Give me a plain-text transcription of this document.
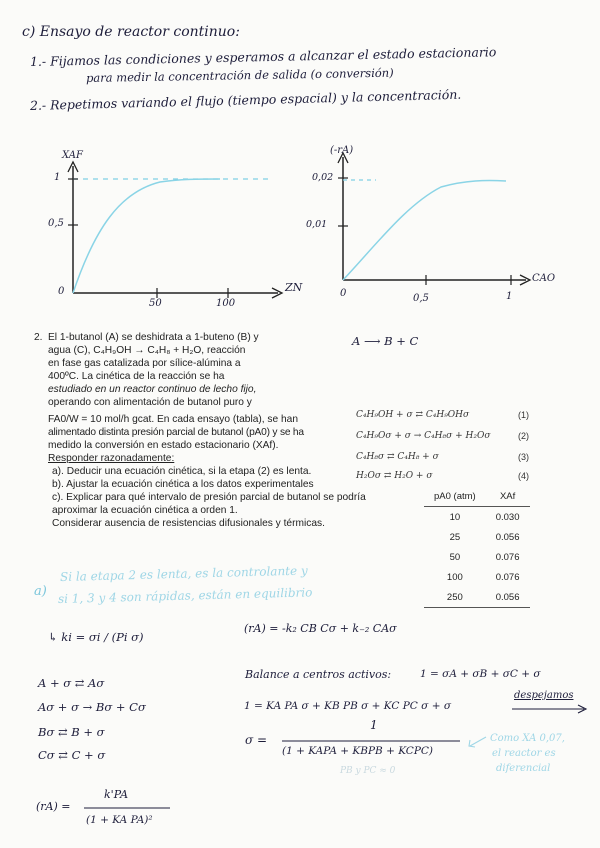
c) Ensayo de reactor continuo:
1.- Fijamos las condiciones y esperamos a alcanzar el estado estacionario
para medir la concentración de salida (o conversión)
2.- Repetimos variando el flujo (tiempo espacial) y la concentración.
XAF
ZN
1
0,5
0
50	100
(-rA)
CAO
0,02
0,01
0	0,5	1
2. El 1-butanol (A) se deshidrata a 1-buteno (B) y
agua (C), C₄H₉OH → C₄H₈ + H₂O, reacción
en fase gas catalizada por sílice-alúmina a
400ºC. La cinética de la reacción se ha
estudiado en un reactor continuo de lecho fijo,
operando con alimentación de butanol puro y
FA0/W = 10 mol/h gcat. En cada ensayo (tabla), se han
alimentado distinta presión parcial de butanol (pA0) y se ha
medido la conversión en estado estacionario (XAf).
Responder razonadamente:
a). Deducir una ecuación cinética, si la etapa (2) es lenta.
b). Ajustar la ecuación cinética a los datos experimentales
c). Explicar para qué intervalo de presión parcial de butanol se podría
aproximar la ecuación cinética a orden 1.
Considerar ausencia de resistencias difusionales y térmicas.
A ⟶ B + C
C₄H₉OH + σ ⇄ C₄H₉OHσ	(1)
C₄H₉Oσ + σ → C₄H₈σ + H₂Oσ	(2)
C₄H₈σ ⇄ C₄H₈ + σ	(3)
H₂Oσ ⇄ H₂O + σ	(4)
pA0 (atm)	XAf
10	0.030
25	0.056
50	0.076
100	0.076
250	0.056
a)
Si la etapa 2 es lenta, es la controlante y
si 1, 3 y 4 son rápidas, están en equilibrio
↳ ki = σi / (Pi σ)
(rA) = -k₂ CB Cσ + k₋₂ CAσ
A + σ ⇄ Aσ
Aσ + σ → Bσ + Cσ
Bσ ⇄ B + σ
Cσ ⇄ C + σ
Balance a centros activos:	1 = σA + σB + σC + σ
1 = KA PA σ + KB PB σ + KC PC σ + σ
despejamos
σ =
1
(1 + KAPA + KBPB + KCPC)
PB y PC ≈ 0
Como XA 0,07,
el reactor es
diferencial
(rA) =
k'PA
(1 + KA PA)²
